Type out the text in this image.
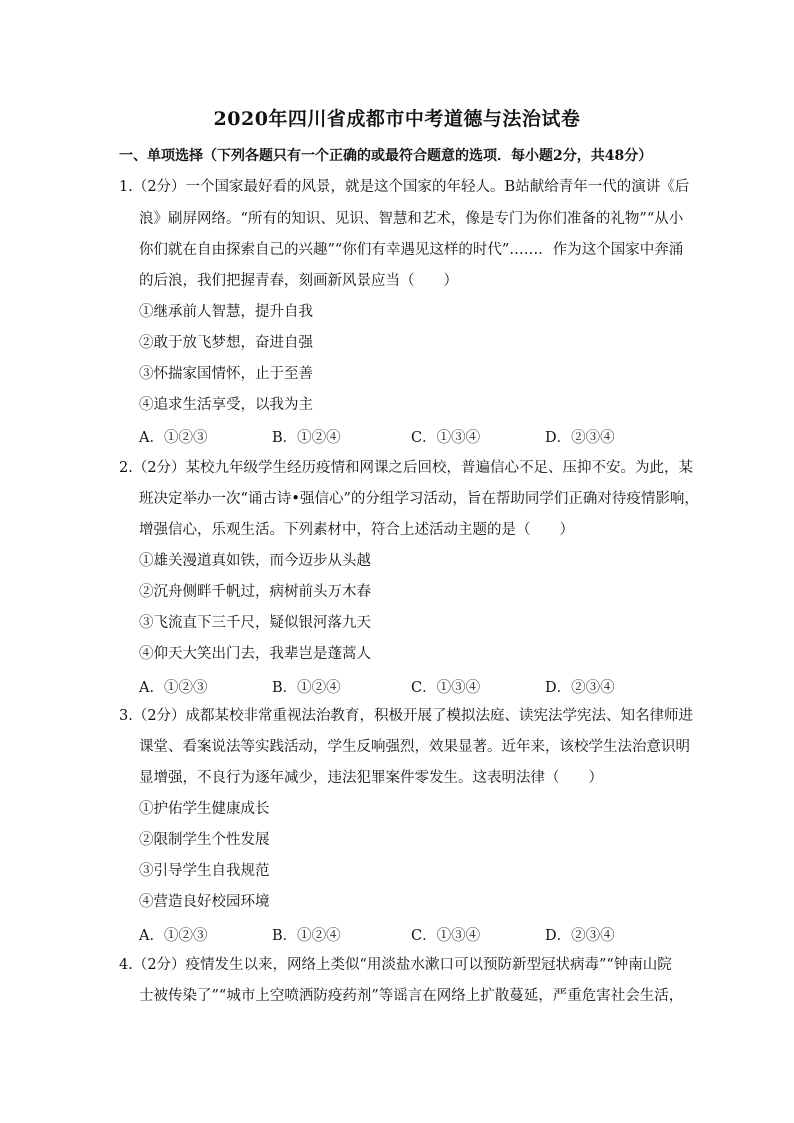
2020年四川省成都市中考道德与法治试卷
一、单项选择（下列各题只有一个正确的或最符合题意的选项．每小题2分，共48分）
1.（2分）一个国家最好看的风景，就是这个国家的年轻人。B站献给青年一代的演讲《后
浪》刷屏网络。“所有的知识、见识、智慧和艺术，像是专门为你们准备的礼物”“从小
你们就在自由探索自己的兴趣”“你们有幸遇见这样的时代”……．作为这个国家中奔涌
的后浪，我们把握青春，刻画新风景应当（　　）
①继承前人智慧，提升自我
②敢于放飞梦想，奋进自强
③怀揣家国情怀，止于至善
④追求生活享受，以我为主
A．①②③	B．①②④	C．①③④	D．②③④
2.（2分）某校九年级学生经历疫情和网课之后回校，普遍信心不足、压抑不安。为此，某
班决定举办一次“诵古诗•强信心”的分组学习活动，旨在帮助同学们正确对待疫情影响，
增强信心，乐观生活。下列素材中，符合上述活动主题的是（　　）
①雄关漫道真如铁，而今迈步从头越
②沉舟侧畔千帆过，病树前头万木春
③飞流直下三千尺，疑似银河落九天
④仰天大笑出门去，我辈岂是蓬蒿人
A．①②③	B．①②④	C．①③④	D．②③④
3.（2分）成都某校非常重视法治教育，积极开展了模拟法庭、读宪法学宪法、知名律师进
课堂、看案说法等实践活动，学生反响强烈，效果显著。近年来，该校学生法治意识明
显增强，不良行为逐年减少，违法犯罪案件零发生。这表明法律（　　）
①护佑学生健康成长
②限制学生个性发展
③引导学生自我规范
④营造良好校园环境
A．①②③	B．①②④	C．①③④	D．②③④
4.（2分）疫情发生以来，网络上类似“用淡盐水漱口可以预防新型冠状病毒”“钟南山院
士被传染了”“城市上空喷洒防疫药剂”等谣言在网络上扩散蔓延，严重危害社会生活，
